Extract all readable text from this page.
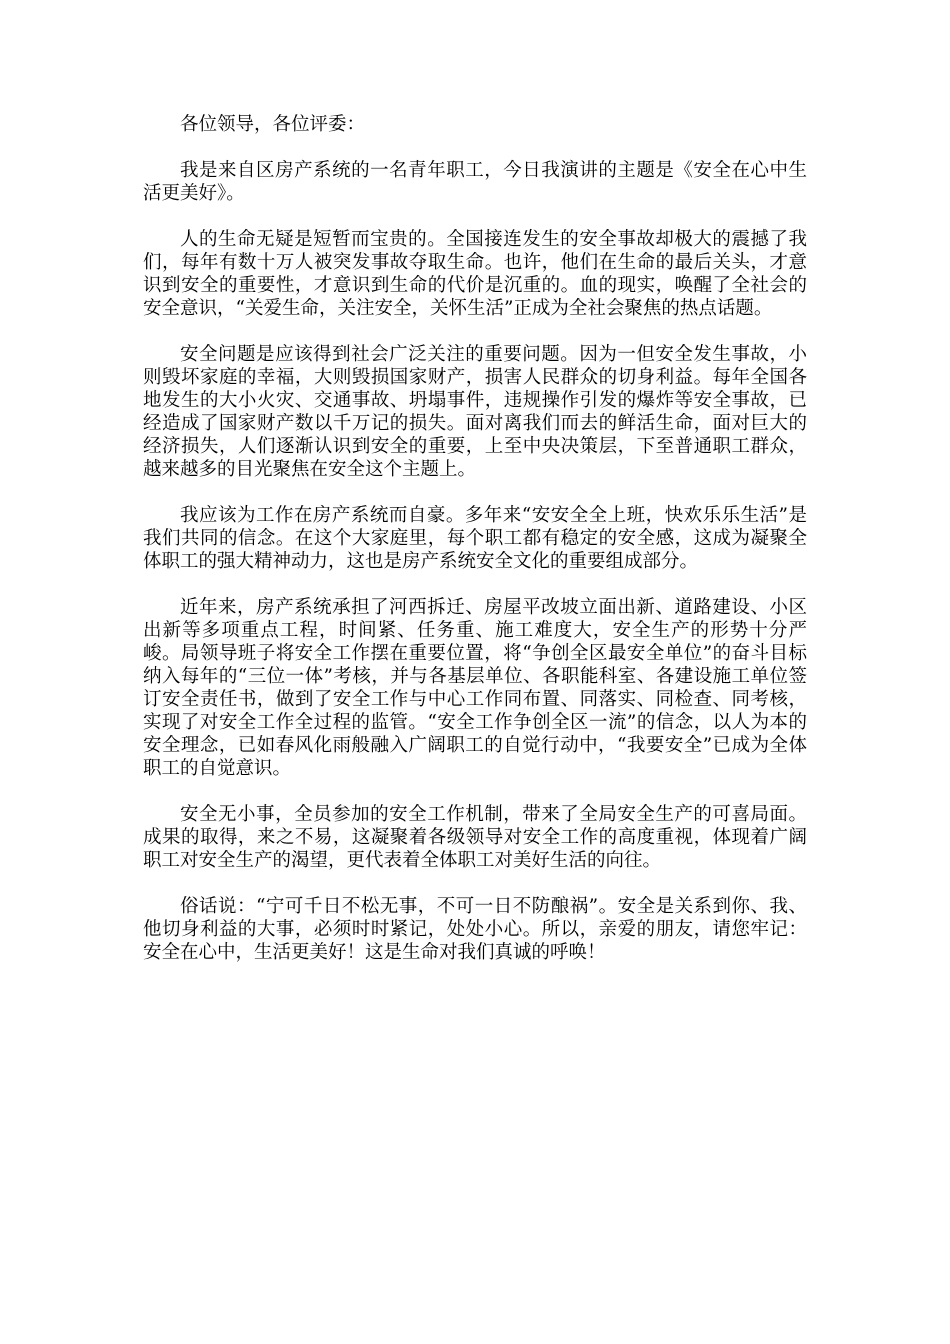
各位领导，各位评委：

我是来自区房产系统的一名青年职工，今日我演讲的主题是《安全在心中生活更美好》。

人的生命无疑是短暂而宝贵的。全国接连发生的安全事故却极大的震撼了我们，每年有数十万人被突发事故夺取生命。也许，他们在生命的最后关头，才意识到安全的重要性，才意识到生命的代价是沉重的。血的现实，唤醒了全社会的安全意识，“关爱生命，关注安全，关怀生活”正成为全社会聚焦的热点话题。

安全问题是应该得到社会广泛关注的重要问题。因为一但安全发生事故，小则毁坏家庭的幸福，大则毁损国家财产，损害人民群众的切身利益。每年全国各地发生的大小火灾、交通事故、坍塌事件，违规操作引发的爆炸等安全事故，已经造成了国家财产数以千万记的损失。面对离我们而去的鲜活生命，面对巨大的经济损失，人们逐渐认识到安全的重要，上至中央决策层，下至普通职工群众，越来越多的目光聚焦在安全这个主题上。

我应该为工作在房产系统而自豪。多年来“安安全全上班，快欢乐乐生活”是我们共同的信念。在这个大家庭里，每个职工都有稳定的安全感，这成为凝聚全体职工的强大精神动力，这也是房产系统安全文化的重要组成部分。

近年来，房产系统承担了河西拆迁、房屋平改坡立面出新、道路建设、小区出新等多项重点工程，时间紧、任务重、施工难度大，安全生产的形势十分严峻。局领导班子将安全工作摆在重要位置，将“争创全区最安全单位”的奋斗目标纳入每年的“三位一体”考核，并与各基层单位、各职能科室、各建设施工单位签订安全责任书，做到了安全工作与中心工作同布置、同落实、同检查、同考核，实现了对安全工作全过程的监管。“安全工作争创全区一流”的信念，以人为本的安全理念，已如春风化雨般融入广阔职工的自觉行动中，“我要安全”已成为全体职工的自觉意识。

安全无小事，全员参加的安全工作机制，带来了全局安全生产的可喜局面。成果的取得，来之不易，这凝聚着各级领导对安全工作的高度重视，体现着广阔职工对安全生产的渴望，更代表着全体职工对美好生活的向往。

俗话说：“宁可千日不松无事，不可一日不防酿祸”。安全是关系到你、我、他切身利益的大事，必须时时紧记，处处小心。所以，亲爱的朋友，请您牢记：安全在心中，生活更美好！这是生命对我们真诚的呼唤！
